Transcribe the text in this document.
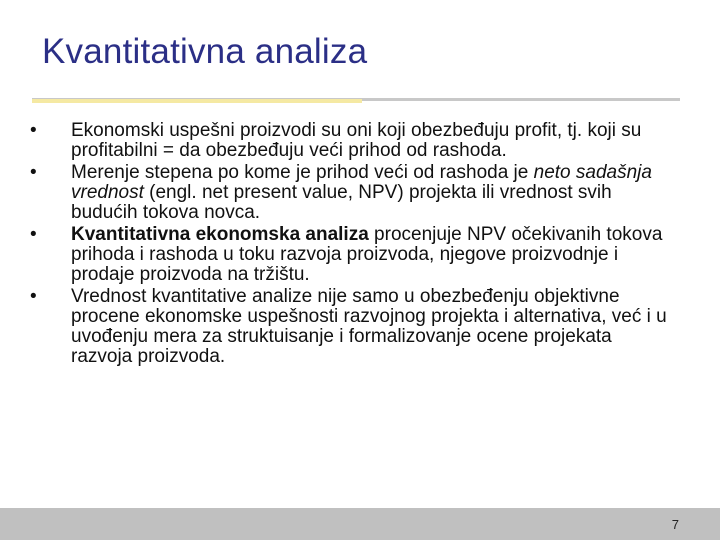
Kvantitativna analiza
• Ekonomski uspešni proizvodi su oni koji obezbeđuju profit, tj. koji su profitabilni = da obezbeđuju veći prihod od rashoda.
• Merenje stepena po kome je prihod veći od rashoda je neto sadašnja vrednost (engl. net present value, NPV) projekta ili vrednost svih budućih tokova novca.
• Kvantitativna ekonomska analiza procenjuje NPV očekivanih tokova prihoda i rashoda u toku razvoja proizvoda, njegove proizvodnje i prodaje proizvoda na tržištu.
• Vrednost kvantitative analize nije samo u obezbeđenju objektivne procene ekonomske uspešnosti razvojnog projekta i alternativa, već i u uvođenju mera za struktuisanje i formalizovanje ocene projekata razvoja proizvoda.
7
